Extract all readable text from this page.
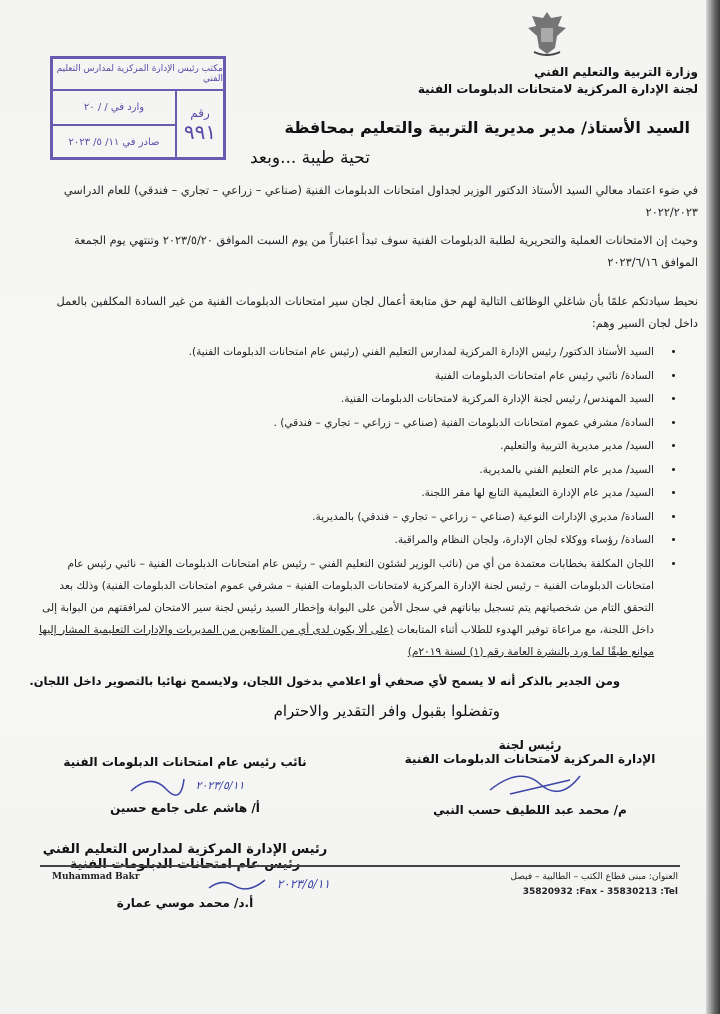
وزارة التربية والتعليم الفني
لجنة الإدارة المركزية لامتحانات الدبلومات الفنية
مكتب رئيس الإدارة المركزية لمدارس التعليم الفني
وارد في / / ٢٠
صادر في ١١/ ٥/ ٢٠٢٣
رقم
٩٩١	السيد الأستاذ/ مدير مديرية التربية والتعليم بمحافظة
تحية طيبة ...وبعد
في ضوء اعتماد معالي السيد الأستاذ الدكتور الوزير لجداول امتحانات الدبلومات الفنية (صناعي – زراعي – تجاري – فندقي) للعام الدراسي ٢٠٢٢/٢٠٢٣
وحيث إن الامتحانات العملية والتحريرية لطلبة الدبلومات الفنية سوف تبدأ اعتباراً من يوم السبت الموافق ٢٠٢٣/٥/٢٠ وتنتهي يوم الجمعة الموافق ٢٠٢٣/٦/١٦
نحيط سيادتكم علمًا بأن شاغلي الوظائف التالية لهم حق متابعة أعمال لجان سير امتحانات الدبلومات الفنية من غير السادة المكلفين بالعمل داخل لجان السير وهم:
• السيد الأستاذ الدكتور/ رئيس الإدارة المركزية لمدارس التعليم الفني (رئيس عام امتحانات الدبلومات الفنية).
• السادة/ نائبي رئيس عام امتحانات الدبلومات الفنية
• السيد المهندس/ رئيس لجنة الإدارة المركزية لامتحانات الدبلومات الفنية.
• السادة/ مشرفي عموم امتحانات الدبلومات الفنية (صناعي – زراعي – تجاري – فندقي) .
• السيد/ مدير مديرية التربية والتعليم.
• السيد/ مدير عام التعليم الفني بالمديرية.
• السيد/ مدير عام الإدارة التعليمية التابع لها مقر اللجنة.
• السادة/ مديري الإدارات النوعية (صناعي – زراعي – تجاري – فندقي) بالمديرية.
• السادة/ رؤساء ووكلاء لجان الإدارة، ولجان النظام والمراقبة.
• اللجان المكلفة بخطابات معتمدة من أي من (نائب الوزير لشئون التعليم الفني – رئيس عام امتحانات الدبلومات الفنية – نائبي رئيس عام امتحانات الدبلومات الفنية – رئيس لجنة الإدارة المركزية لامتحانات الدبلومات الفنية – مشرفي عموم امتحانات الدبلومات الفنية) وذلك بعد التحقق التام من شخصياتهم يتم تسجيل بياناتهم في سجل الأمن على البوابة وإخطار السيد رئيس لجنة سير الامتحان لمرافقتهم من البوابة إلى داخل اللجنة، مع مراعاة توفير الهدوء للطلاب أثناء المتابعات (على ألا يكون لدى أي من المتابعين من المديريات والإدارات التعليمية المشار إليها موانع طبقًا لما ورد بالنشرة العامة رقم (١) لسنة ٢٠١٩م)
ومن الجدير بالذكر أنه لا يسمح لأي صحفي أو اعلامي بدخول اللجان، ولايسمح نهائيا بالتصوير داخل اللجان.
وتفضلوا بقبول وافر التقدير والاحترام
رئيس لجنة
الإدارة المركزية لامتحانات الدبلومات الفنية
م/ محمد عبد اللطيف حسب النبي
نائب رئيس عام امتحانات الدبلومات الفنية
٢٠٢٣/٥/١١
أ/ هاشم على جامع حسين
رئيس الإدارة المركزية لمدارس التعليم الفني
٢٠٢٣/٥/١١
أ.د/ محمد موسي عمارة
Muhammad Bakr	العنوان: مبنى قطاع الكتب – الطالبية – فيصل
35820932 :Fax - 35830213 :Tel
